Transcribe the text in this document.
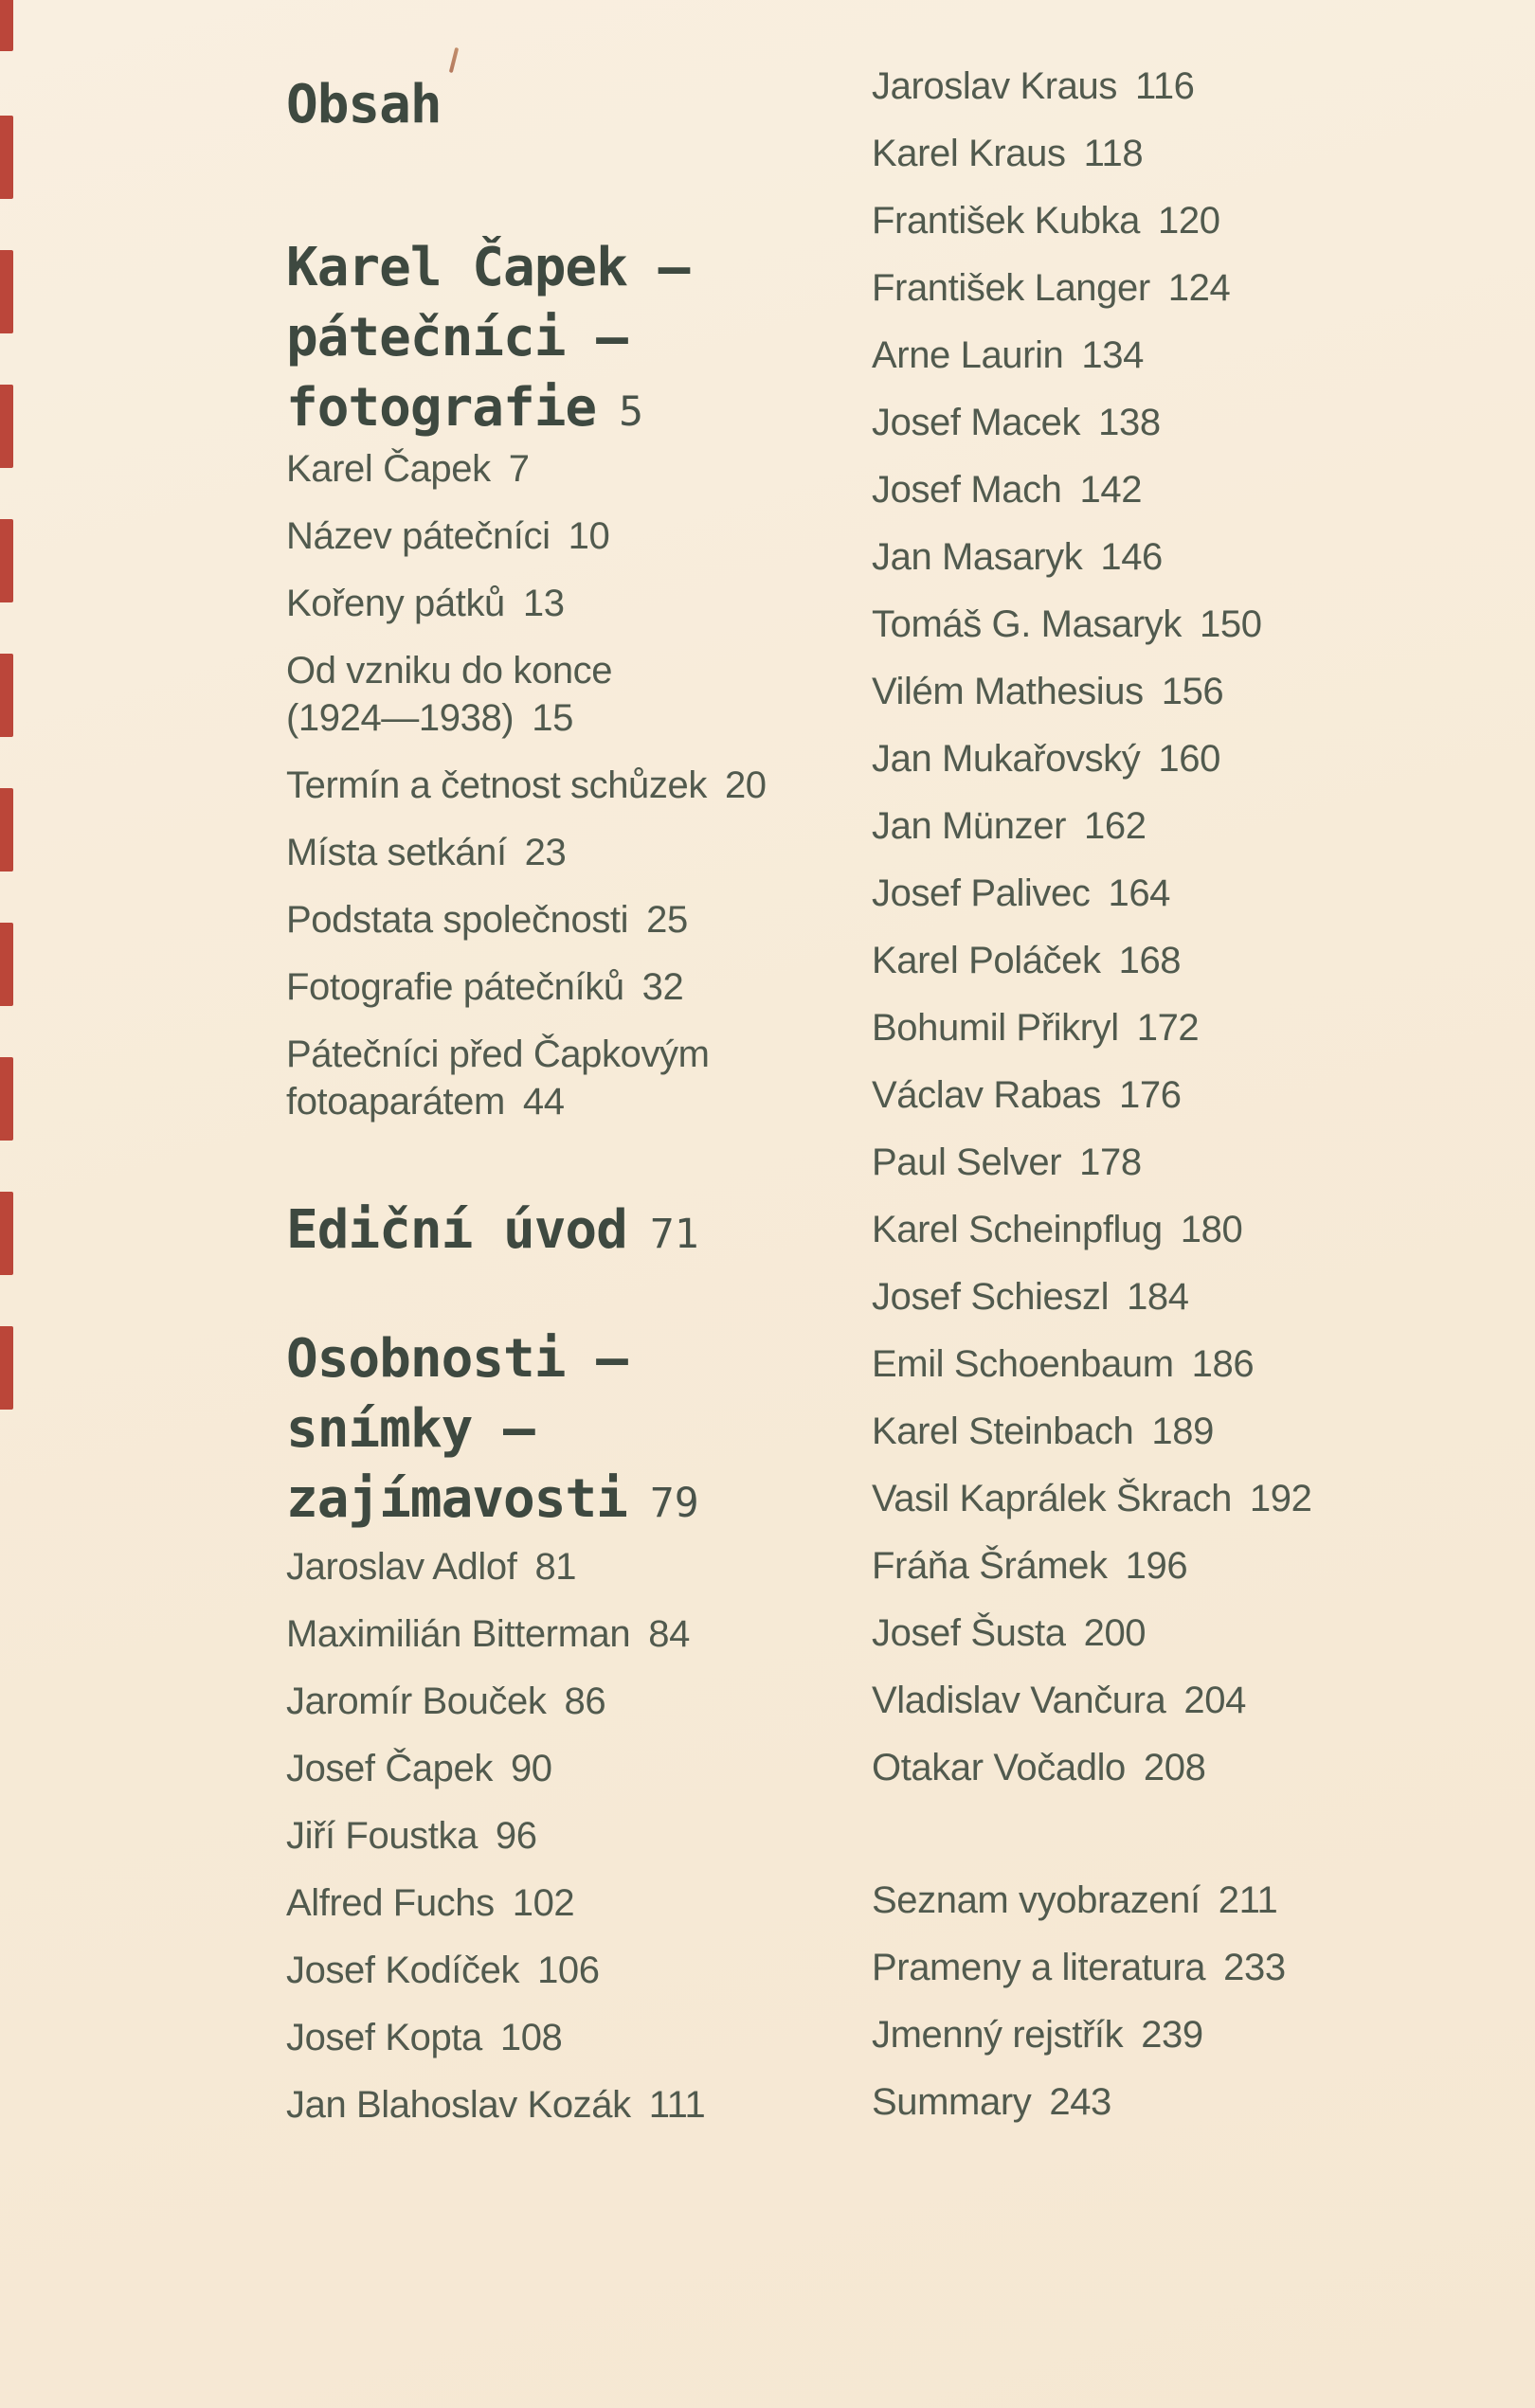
Obsah
Karel Čapek —
pátečníci —
fotografie 5
Karel Čapek 7
Název pátečníci 10
Kořeny pátků 13
Od vzniku do konce
(1924—1938) 15
Termín a četnost schůzek 20
Místa setkání 23
Podstata společnosti 25
Fotografie pátečníků 32
Pátečníci před Čapkovým
fotoaparátem 44
Ediční úvod 71
Osobnosti —
snímky —
zajímavosti 79
Jaroslav Adlof 81
Maximilián Bitterman 84
Jaromír Bouček 86
Josef Čapek 90
Jiří Foustka 96
Alfred Fuchs 102
Josef Kodíček 106
Josef Kopta 108
Jan Blahoslav Kozák 111
Jaroslav Kraus 116
Karel Kraus 118
František Kubka 120
František Langer 124
Arne Laurin 134
Josef Macek 138
Josef Mach 142
Jan Masaryk 146
Tomáš G. Masaryk 150
Vilém Mathesius 156
Jan Mukařovský 160
Jan Münzer 162
Josef Palivec 164
Karel Poláček 168
Bohumil Přikryl 172
Václav Rabas 176
Paul Selver 178
Karel Scheinpflug 180
Josef Schieszl 184
Emil Schoenbaum 186
Karel Steinbach 189
Vasil Kaprálek Škrach 192
Fráňa Šrámek 196
Josef Šusta 200
Vladislav Vančura 204
Otakar Vočadlo 208
Seznam vyobrazení 211
Prameny a literatura 233
Jmenný rejstřík 239
Summary 243
